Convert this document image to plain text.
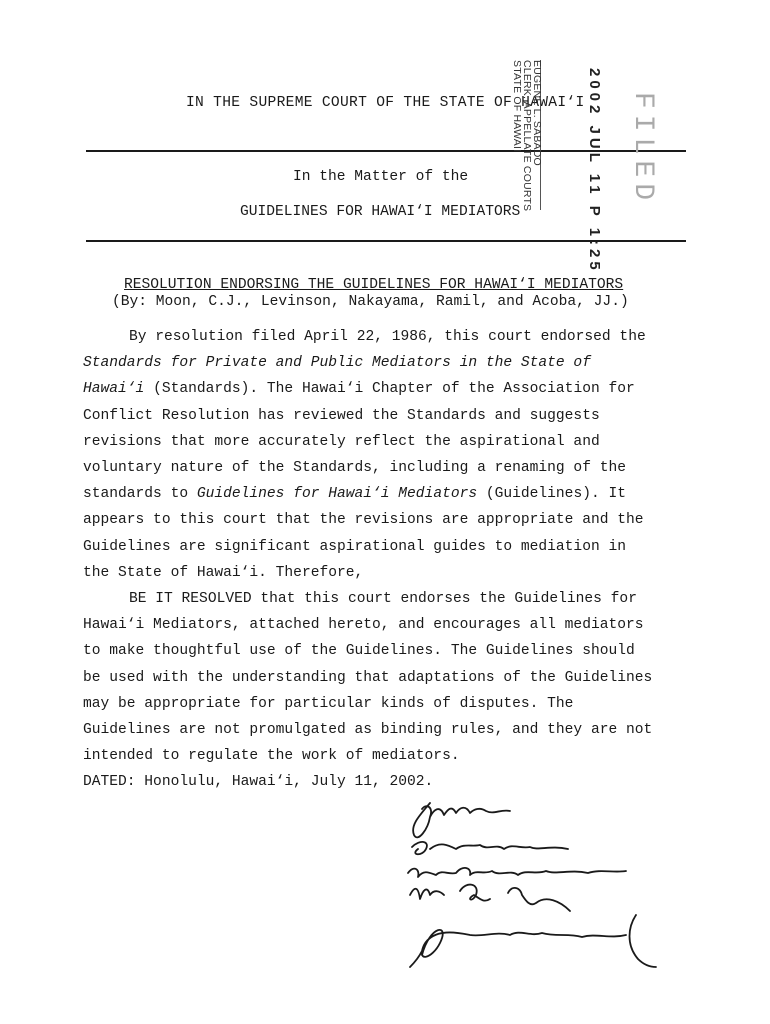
IN THE SUPREME COURT OF THE STATE OF HAWAI‘I
In the Matter of the
GUIDELINES FOR HAWAI‘I MEDIATORS
EUGENE L. SABADO
CLERK, APPELLATE COURTS
STATE OF HAWAII	2002 JUL 11 P 1:25 FILED
RESOLUTION ENDORSING THE GUIDELINES FOR HAWAI‘I MEDIATORS
(By: Moon, C.J., Levinson, Nakayama, Ramil, and Acoba, JJ.)

By resolution filed April 22, 1986, this court endorsed the

Standards for Private and Public Mediators in the State of

Hawai‘i (Standards). The Hawai‘i Chapter of the Association for

Conflict Resolution has reviewed the Standards and suggests

revisions that more accurately reflect the aspirational and

voluntary nature of the Standards, including a renaming of the

standards to Guidelines for Hawai‘i Mediators (Guidelines). It

appears to this court that the revisions are appropriate and the

Guidelines are significant aspirational guides to mediation in

the State of Hawai‘i. Therefore,

BE IT RESOLVED that this court endorses the Guidelines for

Hawai‘i Mediators, attached hereto, and encourages all mediators

to make thoughtful use of the Guidelines. The Guidelines should

be used with the understanding that adaptations of the Guidelines

may be appropriate for particular kinds of disputes. The

Guidelines are not promulgated as binding rules, and they are not

intended to regulate the work of mediators.

DATED: Honolulu, Hawai‘i, July 11, 2002.
